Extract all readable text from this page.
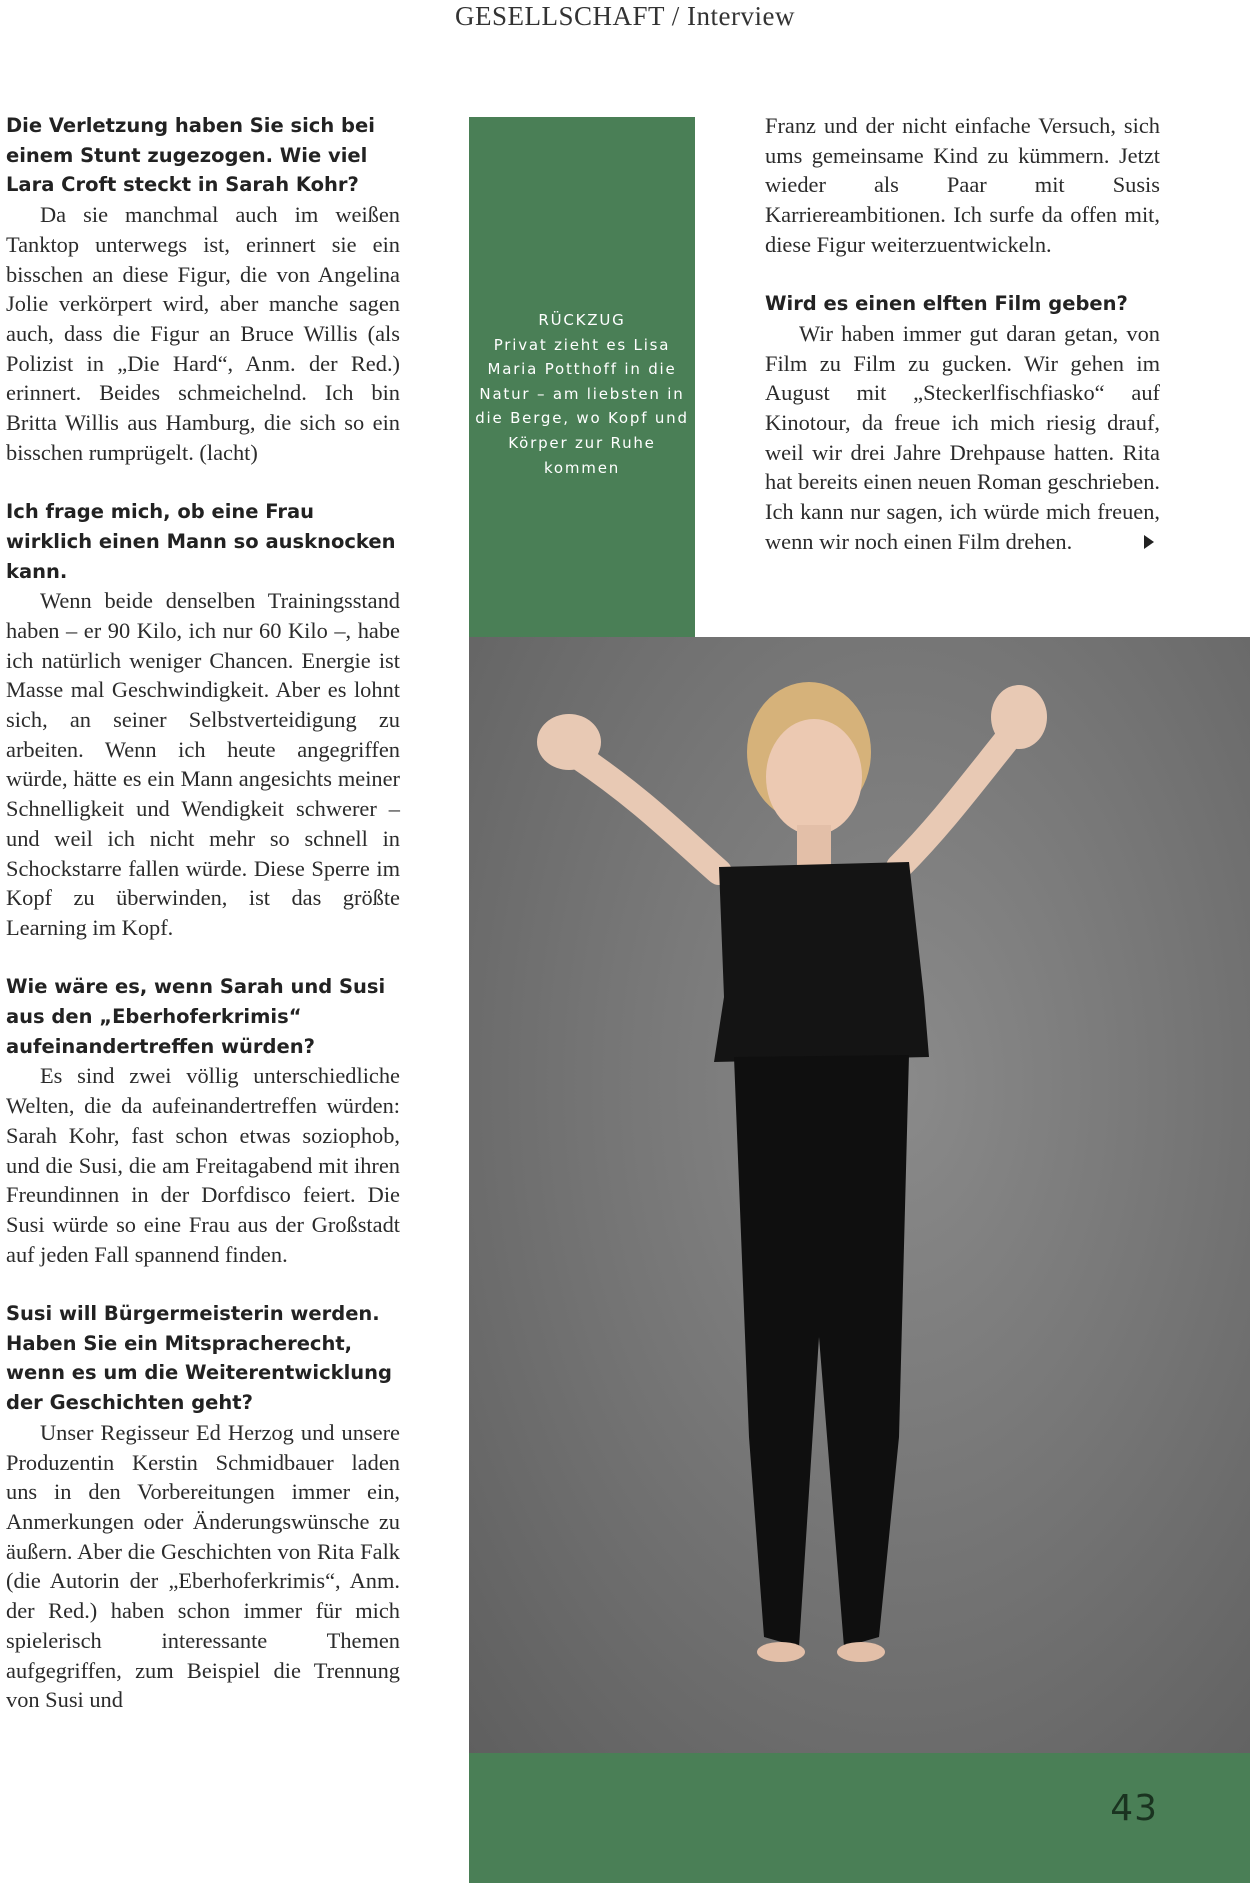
GESELLSCHAFT / Interview

Die Verletzung haben Sie sich bei einem Stunt zugezogen. Wie viel Lara Croft steckt in Sarah Kohr?

Da sie manchmal auch im weißen Tanktop unterwegs ist, erinnert sie ein bisschen an diese Figur, die von Angelina Jolie verkörpert wird, aber manche sagen auch, dass die Figur an Bruce Willis (als Polizist in „Die Hard“, Anm. der Red.) erinnert. Beides schmeichelnd. Ich bin Britta Willis aus Hamburg, die sich so ein bisschen rumprügelt. (lacht)

Ich frage mich, ob eine Frau wirklich einen Mann so ausknocken kann.

Wenn beide denselben Trainingsstand haben – er 90 Kilo, ich nur 60 Kilo –, habe ich natürlich weniger Chancen. Energie ist Masse mal Geschwindigkeit. Aber es lohnt sich, an seiner Selbstverteidigung zu arbeiten. Wenn ich heute angegriffen würde, hätte es ein Mann angesichts meiner Schnelligkeit und Wendigkeit schwerer – und weil ich nicht mehr so schnell in Schockstarre fallen würde. Diese Sperre im Kopf zu überwinden, ist das größte Learning im Kopf.

Wie wäre es, wenn Sarah und Susi aus den „Eberhoferkrimis“ aufeinandertreffen würden?

Es sind zwei völlig unterschiedliche Welten, die da aufeinandertreffen würden: Sarah Kohr, fast schon etwas soziophob, und die Susi, die am Freitagabend mit ihren Freundinnen in der Dorfdisco feiert. Die Susi würde so eine Frau aus der Großstadt auf jeden Fall spannend finden.

Susi will Bürgermeisterin werden. Haben Sie ein Mitspracherecht, wenn es um die Weiterentwicklung der Geschichten geht?

Unser Regisseur Ed Herzog und unsere Produzentin Kerstin Schmidbauer laden uns in den Vorbereitungen immer ein, Anmerkungen oder Änderungswünsche zu äußern. Aber die Geschichten von Rita Falk (die Autorin der „Eberhoferkrimis“, Anm. der Red.) haben schon immer für mich spielerisch interessante Themen aufgegriffen, zum Beispiel die Trennung von Susi und

RÜCKZUG
Privat zieht es Lisa Maria Potthoff in die Natur – am liebsten in die Berge, wo Kopf und Körper zur Ruhe kommen

Franz und der nicht einfache Versuch, sich ums gemeinsame Kind zu kümmern. Jetzt wieder als Paar mit Susis Karriereambitionen. Ich surfe da offen mit, diese Figur weiterzuentwickeln.

Wird es einen elften Film geben?

Wir haben immer gut daran getan, von Film zu Film zu gucken. Wir gehen im August mit „Steckerlfischfiasko“ auf Kinotour, da freue ich mich riesig drauf, weil wir drei Jahre Drehpause hatten. Rita hat bereits einen neuen Roman geschrieben. Ich kann nur sagen, ich würde mich freuen, wenn wir noch einen Film drehen.

43
